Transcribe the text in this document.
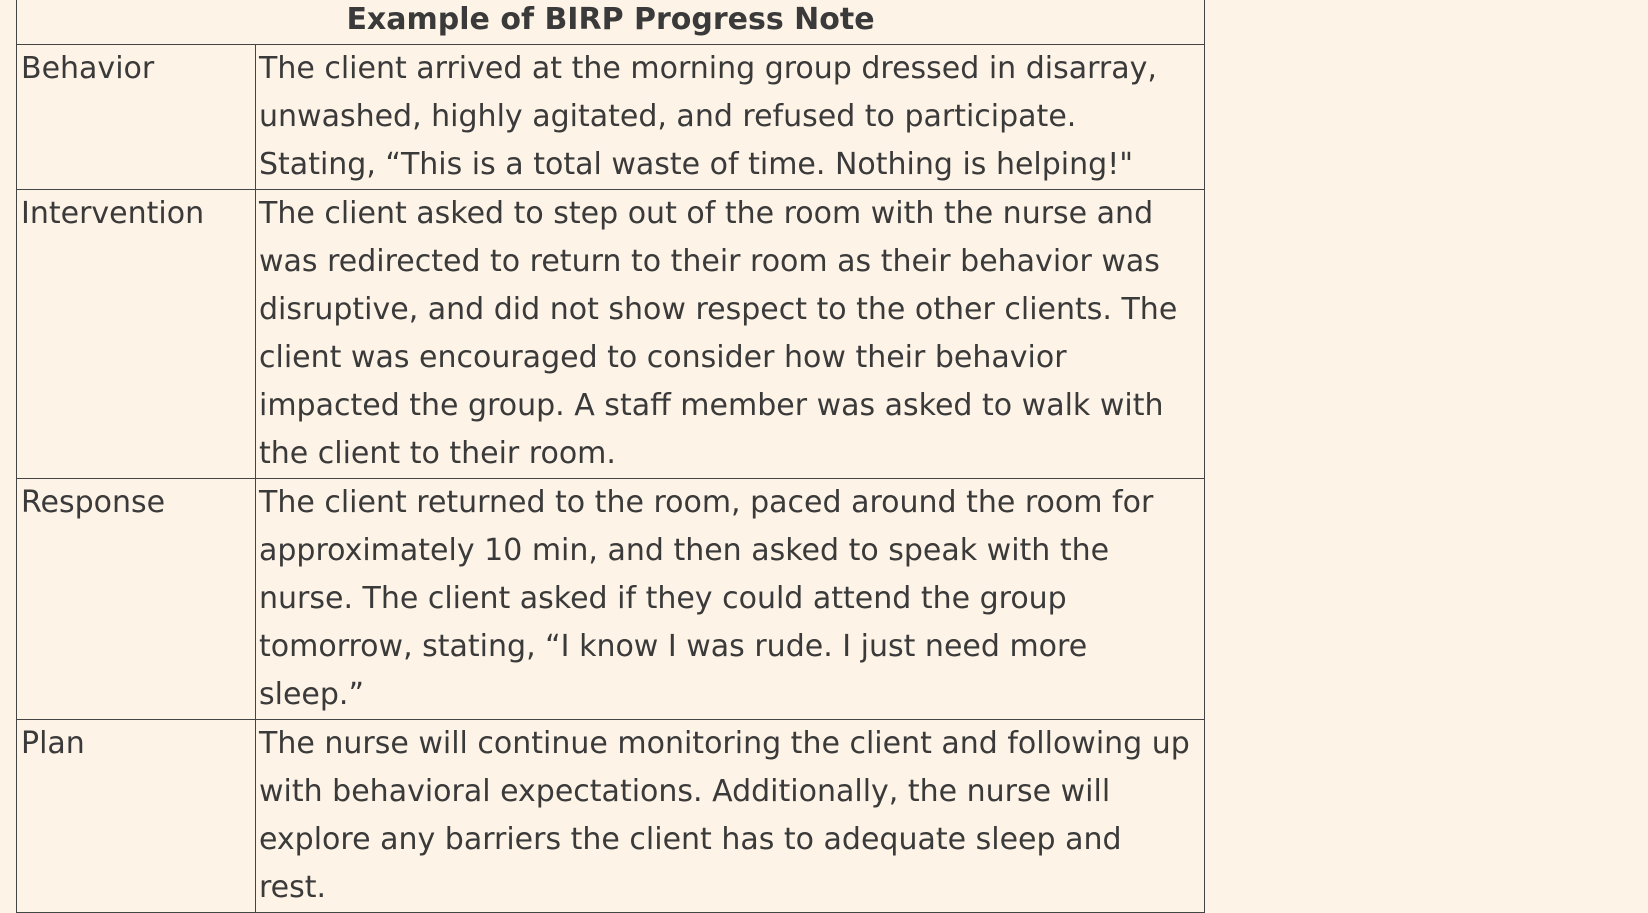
Example of BIRP Progress Note	
Behavior	The client arrived at the morning group dressed in disarray, unwashed, highly agitated, and refused to participate. Stating, “This is a total waste of time. Nothing is helping!"
Intervention	The client asked to step out of the room with the nurse and was redirected to return to their room as their behavior was disruptive, and did not show respect to the other clients. The client was encouraged to consider how their behavior impacted the group. A staff member was asked to walk with the client to their room.
Response	The client returned to the room, paced around the room for approximately 10 min, and then asked to speak with the nurse. The client asked if they could attend the group tomorrow, stating, “I know I was rude. I just need more sleep.”
Plan	The nurse will continue monitoring the client and following up with behavioral expectations. Additionally, the nurse will explore any barriers the client has to adequate sleep and rest.
